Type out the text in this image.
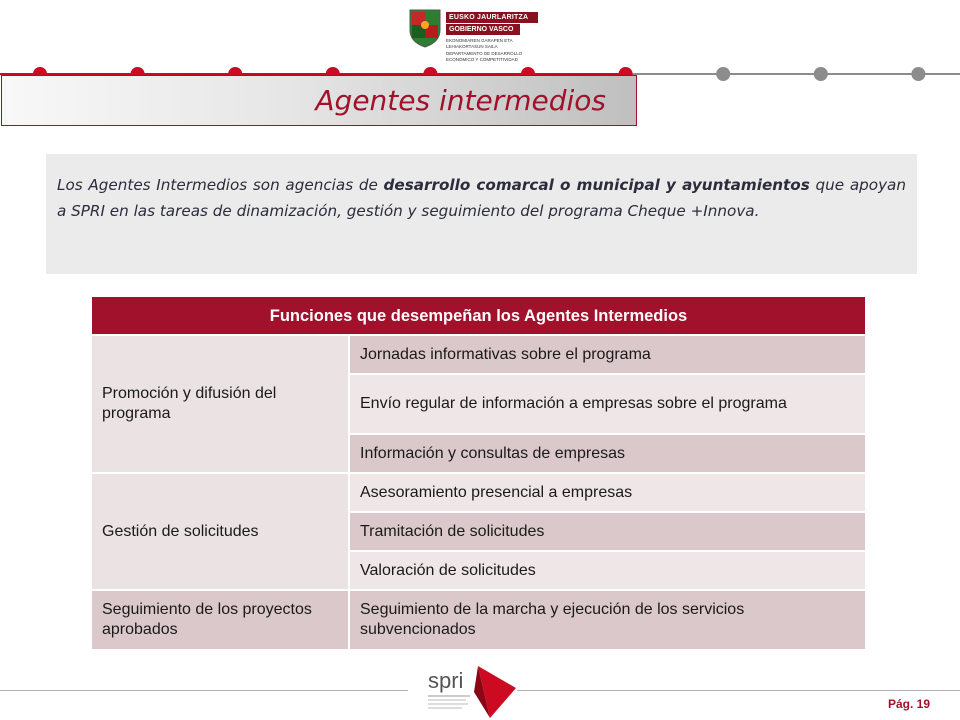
EUSKO JAURLARITZA
GOBIERNO VASCO
EKONOMIAREN GARAPEN ETA LEHIAKORTASUN SAILA
DEPARTAMENTO DE DESARROLLO ECONÓMICO Y COMPETITIVIDAD
Agentes intermedios

Los Agentes Intermedios son agencias de desarrollo comarcal o municipal y ayuntamientos que apoyan a SPRI en las tareas de dinamización, gestión y seguimiento del programa Cheque +Innova.

Funciones que desempeñan los Agentes Intermedios	
Promoción y difusión del programa	Jornadas informativas sobre el programa
	Envío regular de información a empresas sobre el programa
	Información y consultas de empresas
Gestión de solicitudes	Asesoramiento presencial a empresas
	Tramitación de solicitudes
	Valoración de solicitudes
Seguimiento de los proyectos aprobados	Seguimiento de la marcha y ejecución de los servicios subvencionados
spri
Pág. 19
